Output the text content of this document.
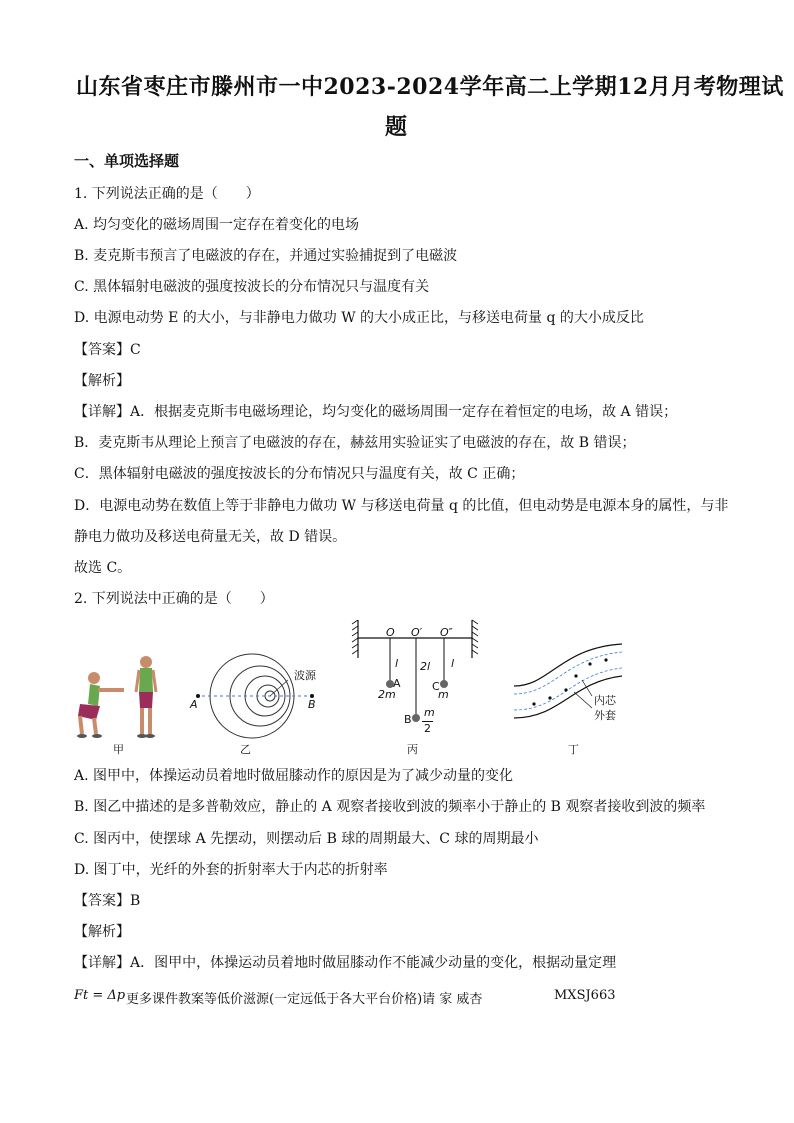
山东省枣庄市滕州市一中2023-2024学年高二上学期12月月考物理试
题
一、单项选择题
1. 下列说法正确的是（　　）
A. 均匀变化的磁场周围一定存在着变化的电场
B. 麦克斯韦预言了电磁波的存在，并通过实验捕捉到了电磁波
C. 黑体辐射电磁波的强度按波长的分布情况只与温度有关
D. 电源电动势 E 的大小，与非静电力做功 W 的大小成正比，与移送电荷量 q 的大小成反比
【答案】C
【解析】
【详解】A．根据麦克斯韦电磁场理论，均匀变化的磁场周围一定存在着恒定的电场，故 A 错误；
B．麦克斯韦从理论上预言了电磁波的存在，赫兹用实验证实了电磁波的存在，故 B 错误；
C．黑体辐射电磁波的强度按波长的分布情况只与温度有关，故 C 正确；
D．电源电动势在数值上等于非静电力做功 W 与移送电荷量 q 的比值，但电动势是电源本身的属性，与非
静电力做功及移送电荷量无关，故 D 错误。
故选 C。
2. 下列说法中正确的是（　　）
甲
波源
A	B
乙
O O′ O″
l 2l l
A
2m
C
m
B
m
2
丙
内芯
外套
丁
A. 图甲中，体操运动员着地时做屈膝动作的原因是为了减少动量的变化
B. 图乙中描述的是多普勒效应，静止的 A 观察者接收到波的频率小于静止的 B 观察者接收到波的频率
C. 图丙中，使摆球 A 先摆动，则摆动后 B 球的周期最大、C 球的周期最小
D. 图丁中，光纤的外套的折射率大于内芯的折射率
【答案】B
【解析】
【详解】A．图甲中，体操运动员着地时做屈膝动作不能减少动量的变化，根据动量定理
Ft = Δp 更多课件教案等低价滋源(一定远低于各大平台价格)请 家 威杏	MXSJ663
